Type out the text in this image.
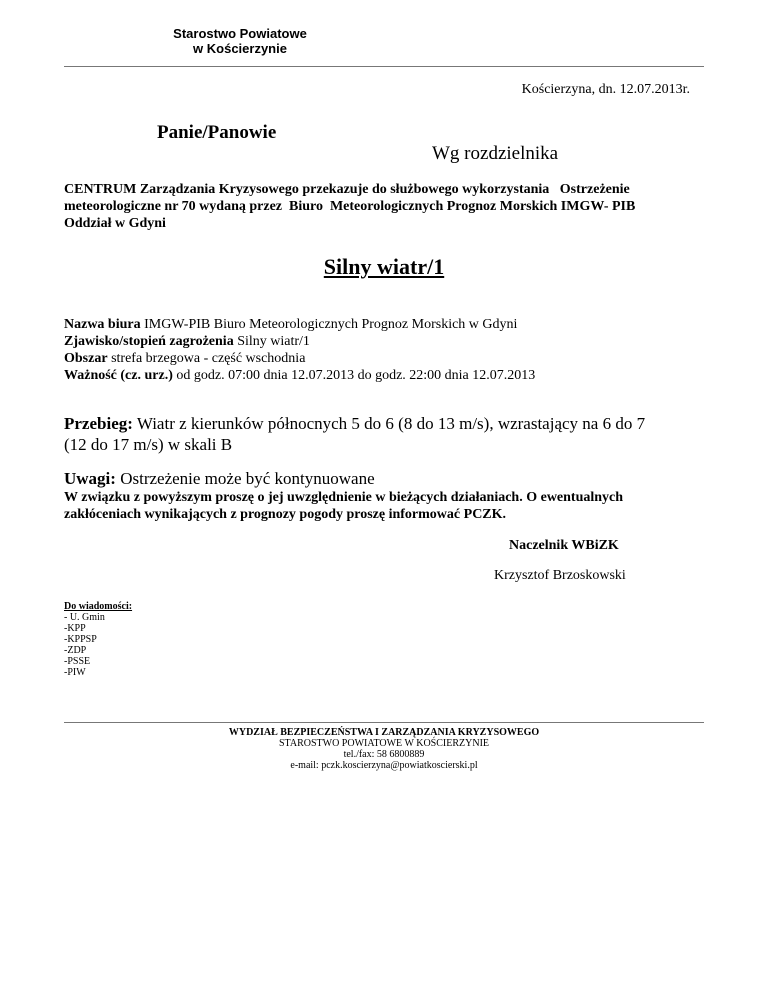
Starostwo Powiatowe
w Kościerzynie
Kościerzyna, dn. 12.07.2013r.
Panie/Panowie
Wg rozdzielnika
CENTRUM Zarządzania Kryzysowego przekazuje do służbowego wykorzystania   Ostrzeżenie
meteorologiczne nr 70 wydaną przez  Biuro  Meteorologicznych Prognoz Morskich IMGW- PIB
Oddział w Gdyni
Silny wiatr/1
Nazwa biura IMGW-PIB Biuro Meteorologicznych Prognoz Morskich w Gdyni
Zjawisko/stopień zagrożenia Silny wiatr/1
Obszar strefa brzegowa - część wschodnia
Ważność (cz. urz.) od godz. 07:00 dnia 12.07.2013 do godz. 22:00 dnia 12.07.2013
Przebieg: Wiatr z kierunków północnych 5 do 6 (8 do 13 m/s), wzrastający na 6 do 7
(12 do 17 m/s) w skali B
Uwagi: Ostrzeżenie może być kontynuowane
W związku z powyższym proszę o jej uwzględnienie w bieżących działaniach. O ewentualnych
zakłóceniach wynikających z prognozy pogody proszę informować PCZK.
Naczelnik WBiZK
Krzysztof Brzoskowski
Do wiadomości:
- U. Gmin
-KPP
-KPPSP
-ZDP
-PSSE
-PIW
WYDZIAŁ BEZPIECZEŃSTWA I ZARZĄDZANIA KRYZYSOWEGO
STAROSTWO POWIATOWE W KOŚCIERZYNIE
tel./fax: 58 6800889
e-mail: pczk.koscierzyna@powiatkoscierski.pl
